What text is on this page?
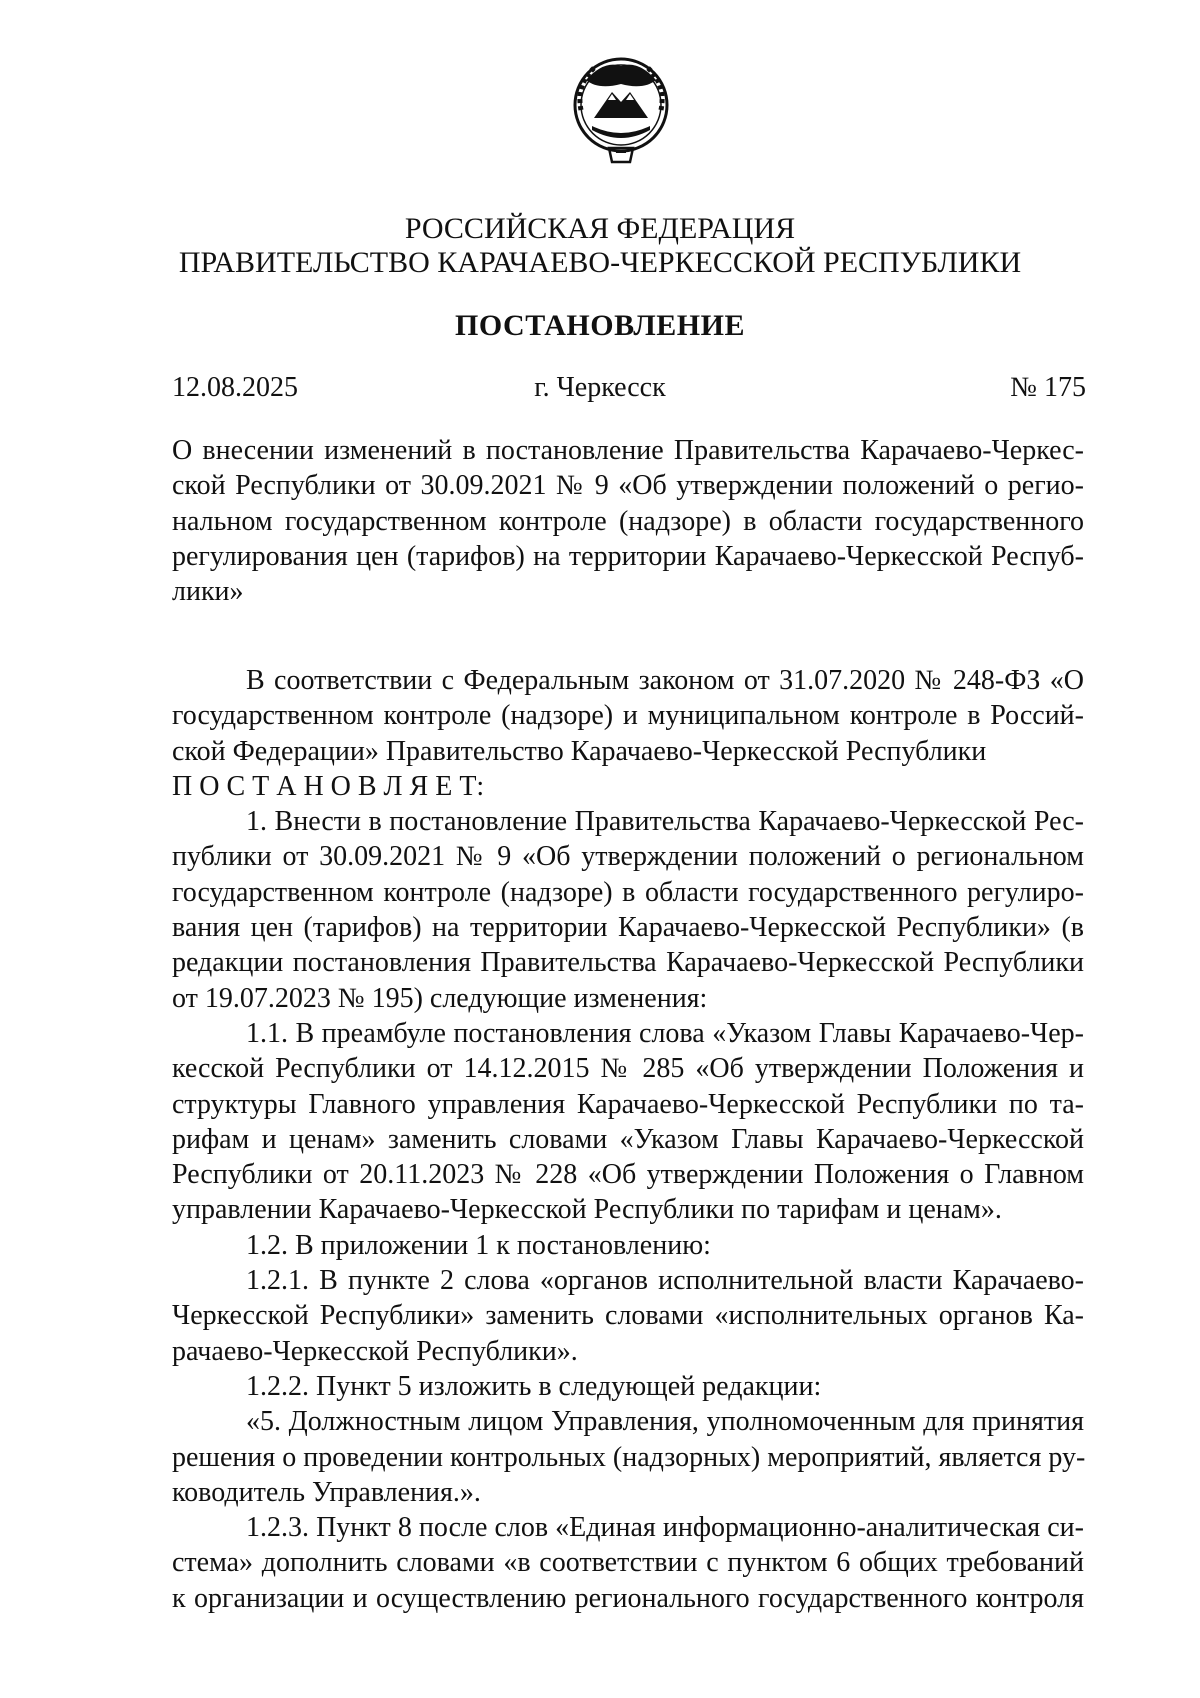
РОССИЙСКАЯ ФЕДЕРАЦИЯ
ПРАВИТЕЛЬСТВО КАРАЧАЕВО-ЧЕРКЕССКОЙ РЕСПУБЛИКИ
ПОСТАНОВЛЕНИЕ
12.08.2025	г. Черкесск	№ 175
О внесении изменений в постановление Правительства Карачаево-Черкес-
ской Республики от 30.09.2021 № 9 «Об утверждении положений о регио-
нальном государственном контроле (надзоре) в области государственного
регулирования цен (тарифов) на территории Карачаево-Черкесской Респуб-
лики»
В соответствии с Федеральным законом от 31.07.2020 № 248-ФЗ «О
государственном контроле (надзоре) и муниципальном контроле в Россий-
ской Федерации» Правительство Карачаево-Черкесской Республики
П О С Т А Н О В Л Я Е Т:
1. Внести в постановление Правительства Карачаево-Черкесской Рес-
публики от 30.09.2021 № 9 «Об утверждении положений о региональном
государственном контроле (надзоре) в области государственного регулиро-
вания цен (тарифов) на территории Карачаево-Черкесской Республики» (в
редакции постановления Правительства Карачаево-Черкесской Республики
от 19.07.2023 № 195) следующие изменения:
1.1. В преамбуле постановления слова «Указом Главы Карачаево-Чер-
кесской Республики от 14.12.2015 № 285 «Об утверждении Положения и
структуры Главного управления Карачаево-Черкесской Республики по та-
рифам и ценам» заменить словами «Указом Главы Карачаево-Черкесской
Республики от 20.11.2023 № 228 «Об утверждении Положения о Главном
управлении Карачаево-Черкесской Республики по тарифам и ценам».
1.2. В приложении 1 к постановлению:
1.2.1. В пункте 2 слова «органов исполнительной власти Карачаево-
Черкесской Республики» заменить словами «исполнительных органов Ка-
рачаево-Черкесской Республики».
1.2.2. Пункт 5 изложить в следующей редакции:
«5. Должностным лицом Управления, уполномоченным для принятия
решения о проведении контрольных (надзорных) мероприятий, является ру-
ководитель Управления.».
1.2.3. Пункт 8 после слов «Единая информационно-аналитическая си-
стема» дополнить словами «в соответствии с пунктом 6 общих требований
к организации и осуществлению регионального государственного контроля
